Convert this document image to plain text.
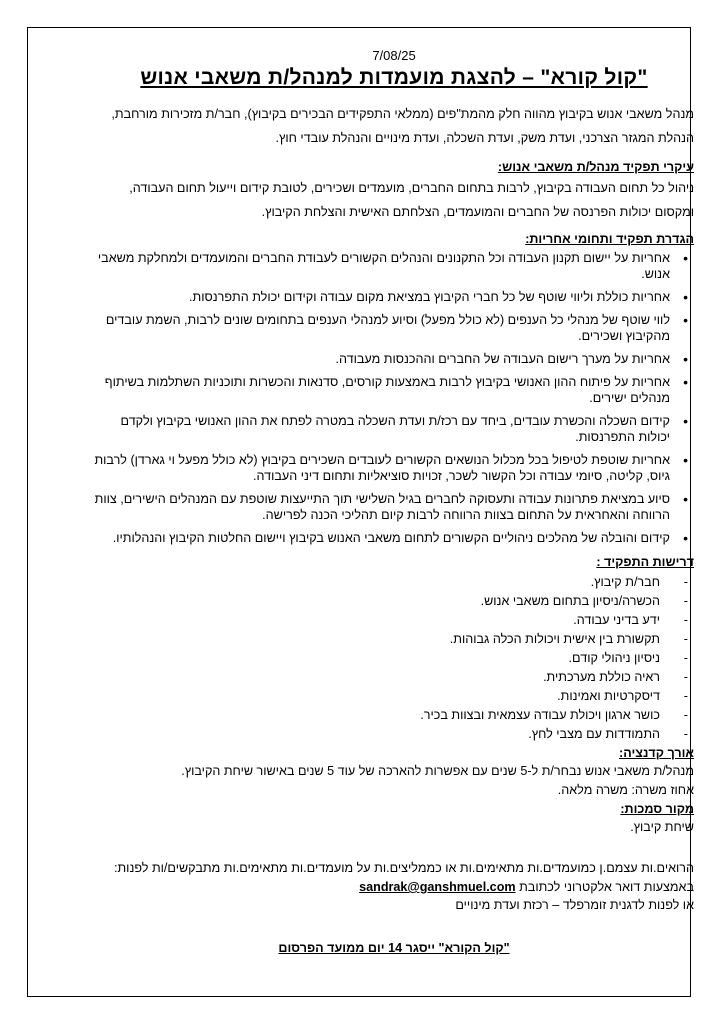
7/08/25
"קול קורא" – להצגת מועמדות למנהל/ת משאבי אנוש

מנהל משאבי אנוש בקיבוץ מהווה חלק מהמת"פים (ממלאי התפקידים הבכירים בקיבוץ), חבר/ת מזכירות מורחבת, הנהלת המגזר הצרכני, ועדת משק, ועדת השכלה, ועדת מינויים והנהלת עובדי חוץ.

עיקרי תפקיד מנהל/ת משאבי אנוש:

ניהול כל תחום העבודה בקיבוץ, לרבות בתחום החברים, מועמדים ושכירים, לטובת קידום וייעול תחום העבודה, ומקסום יכולות הפרנסה של החברים והמועמדים, הצלחתם האישית והצלחת הקיבוץ.

הגדרת תפקיד ותחומי אחריות:

• אחריות על יישום תקנון העבודה וכל התקנונים והנהלים הקשורים לעבודת החברים והמועמדים ולמחלקת משאבי אנוש.
• אחריות כוללת וליווי שוטף של כל חברי הקיבוץ במציאת מקום עבודה וקידום יכולת התפרנסות.
• לווי שוטף של מנהלי כל הענפים (לא כולל מפעל) וסיוע למנהלי הענפים בתחומים שונים לרבות, השמת עובדים מהקיבוץ ושכירים.
• אחריות על מערך רישום העבודה של החברים וההכנסות מעבודה.
• אחריות על פיתוח ההון האנושי בקיבוץ לרבות באמצעות קורסים, סדנאות והכשרות ותוכניות השתלמות בשיתוף מנהלים ישירים.
• קידום השכלה והכשרת עובדים, ביחד עם רכז/ת ועדת השכלה במטרה לפתח את ההון האנושי בקיבוץ ולקדם יכולות התפרנסות.
• אחריות שוטפת לטיפול בכל מכלול הנושאים הקשורים לעובדים השכירים בקיבוץ (לא כולל מפעל וי גארדן) לרבות גיוס, קליטה, סיומי עבודה וכל הקשור לשכר, זכויות סוציאליות ותחום דיני העבודה.
• סיוע במציאת פתרונות עבודה ותעסוקה לחברים בגיל השלישי תוך התייעצות שוטפת עם המנהלים הישירים, צוות הרווחה והאחראית על התחום בצוות הרווחה לרבות קיום תהליכי הכנה לפרישה.
• קידום והובלה של מהלכים ניהוליים הקשורים לתחום משאבי האנוש בקיבוץ ויישום החלטות הקיבוץ והנהלותיו.

דרישות התפקיד :

- חבר/ת קיבוץ.
- הכשרה/ניסיון בתחום משאבי אנוש.
- ידע בדיני עבודה.
- תקשורת בין אישית ויכולות הכלה גבוהות.
- ניסיון ניהולי קודם.
- ראיה כוללת מערכתית.
- דיסקרטיות ואמינות.
- כושר ארגון ויכולת עבודה עצמאית ובצוות בכיר.
- התמודדות עם מצבי לחץ.

אורך קדנציה:

מנהל/ת משאבי אנוש נבחר/ת ל-5 שנים עם אפשרות להארכה של עוד 5 שנים באישור שיחת הקיבוץ.

אחוז משרה: משרה מלאה.

מקור סמכות:

שיחת קיבוץ.

הרואים.ות עצמם.ן כמועמדים.ות מתאימים.ות או כממליצים.ות על מועמדים.ות מתאימים.ות מתבקשים/ות לפנות:

באמצעות דואר אלקטרוני לכתובת sandrak@ganshmuel.com

או לפנות לדגנית זומרפלד – רכזת ועדת מינויים

"קול הקורא" ייסגר 14 יום ממועד הפרסום
